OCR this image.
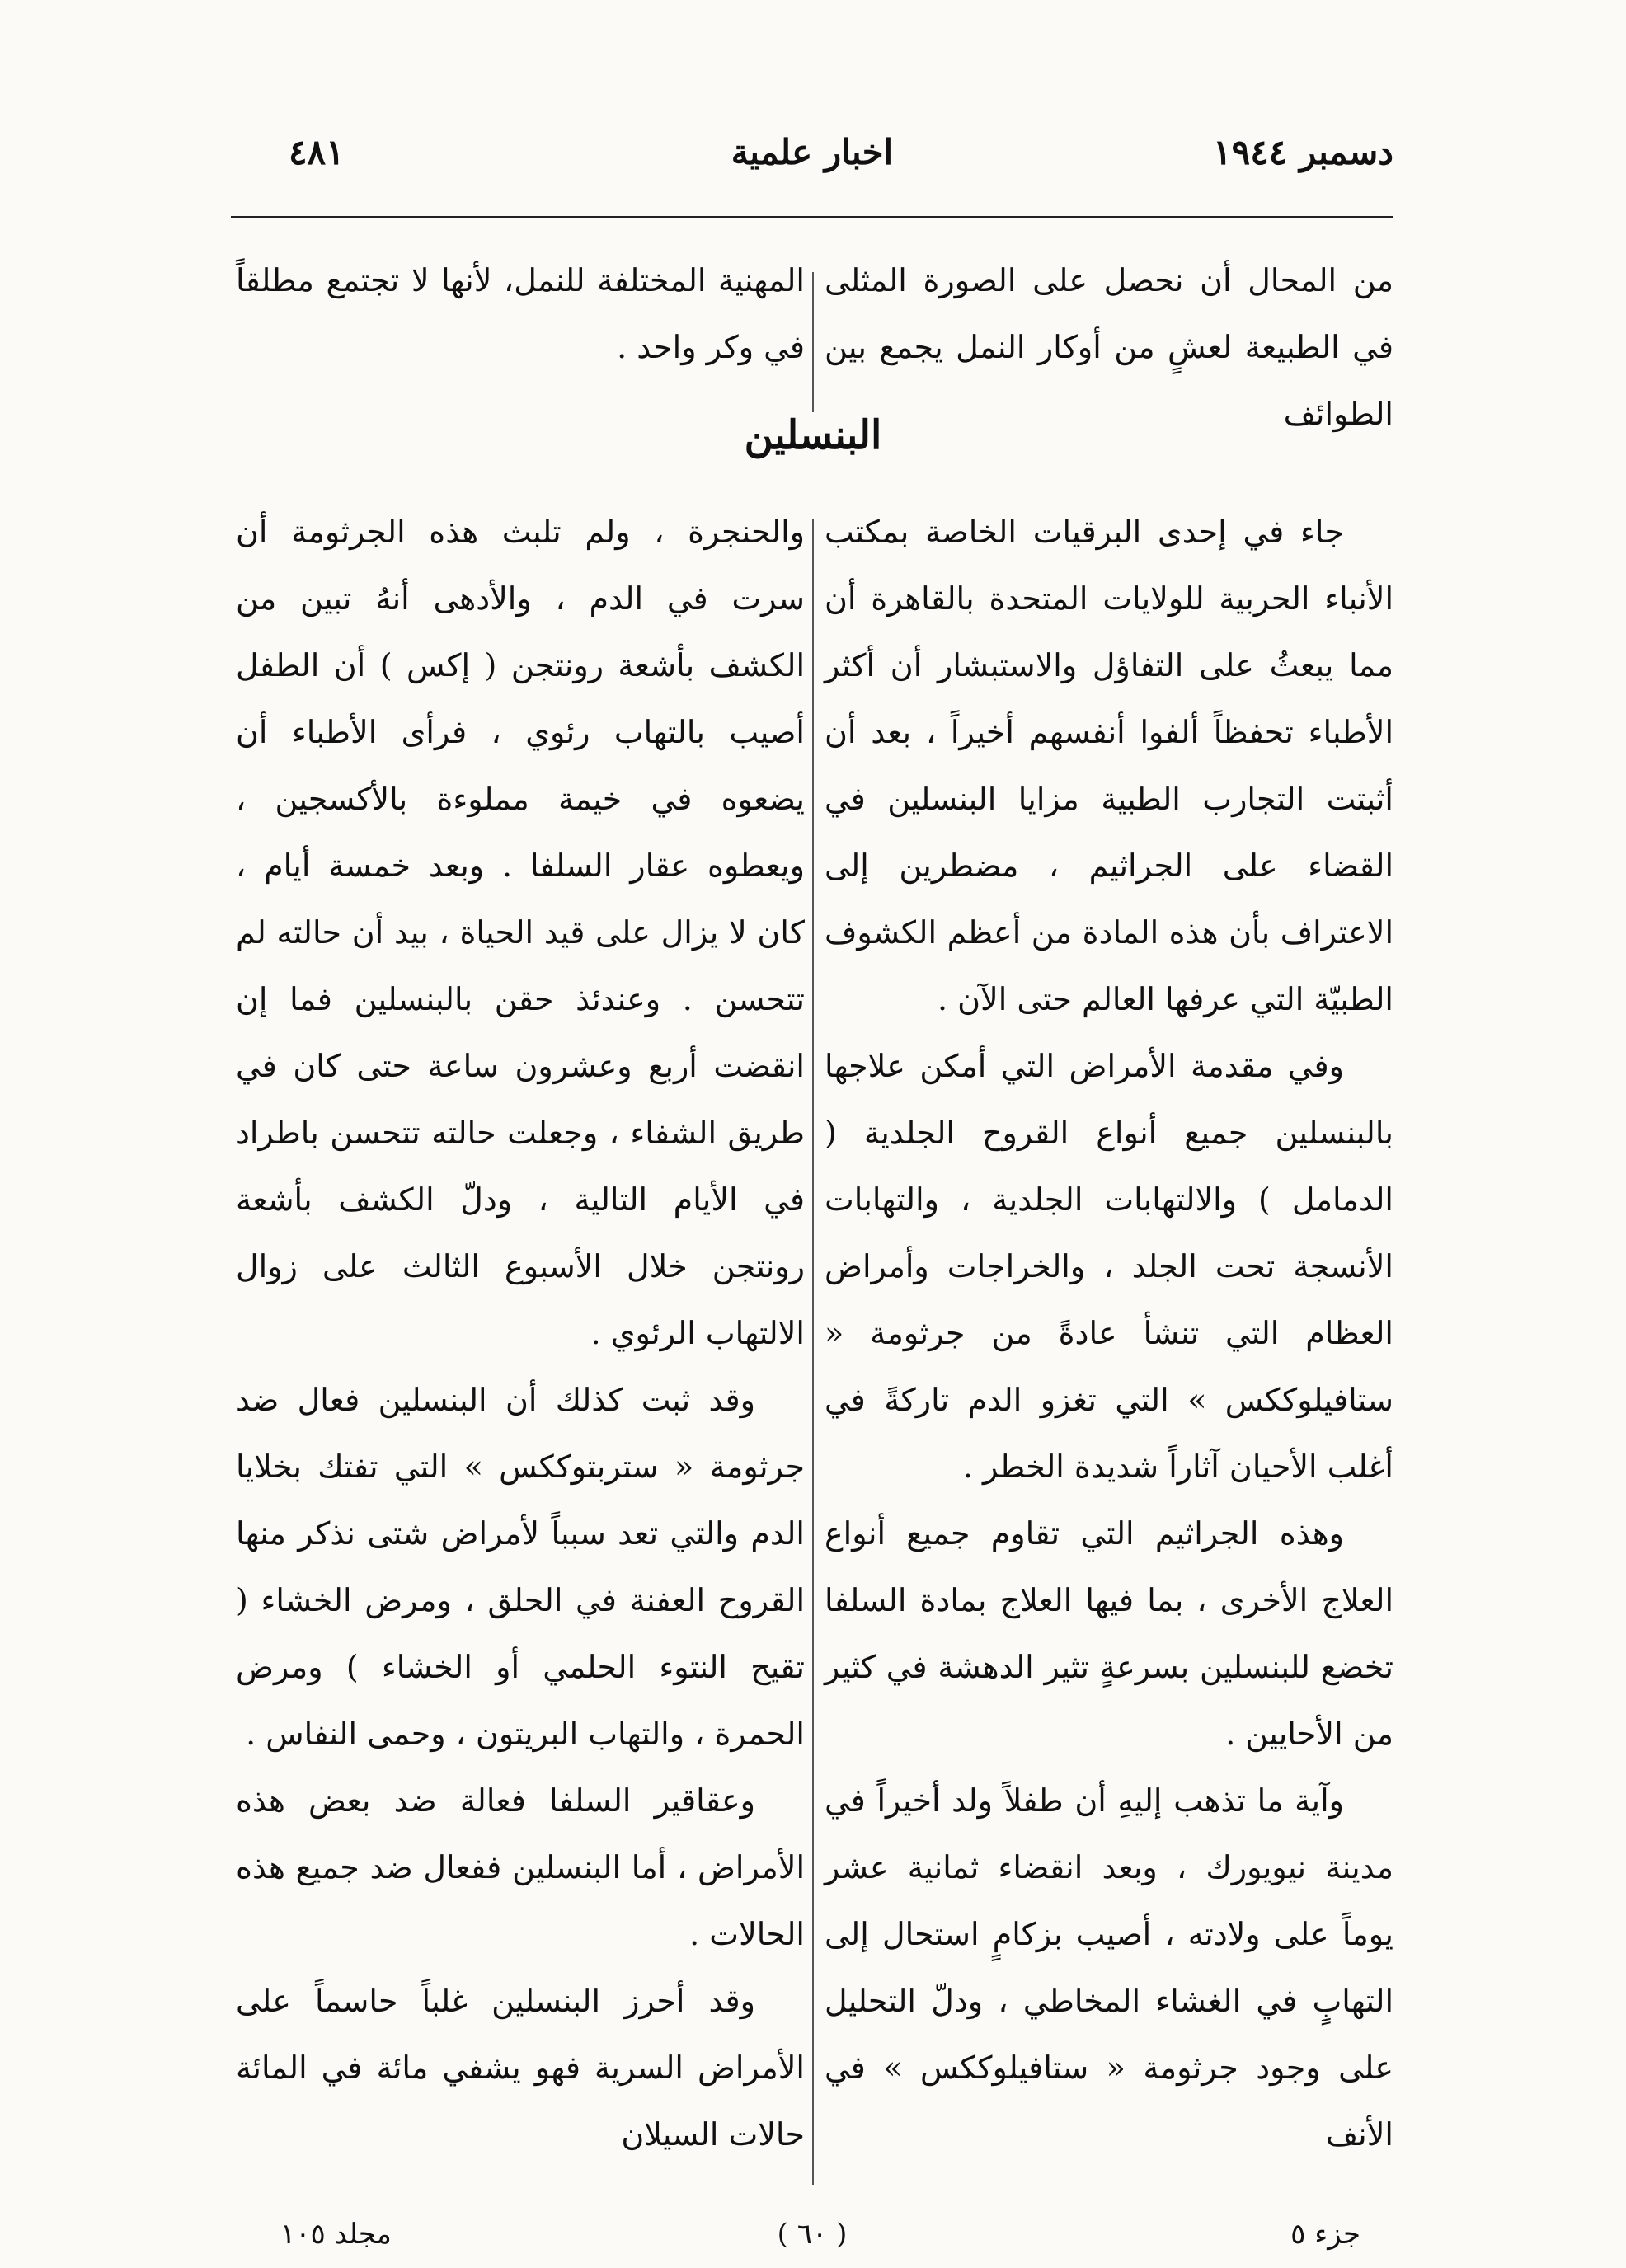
دسمبر ١٩٤٤
اخبار علمية
٤٨١

من المحال أن نحصل على الصورة المثلى في الطبيعة لعشٍ من أوكار النمل يجمع بين الطوائف

المهنية المختلفة للنمل، لأنها لا تجتمع مطلقاً في وكر واحد .

البنسلين

جاء في إحدى البرقيات الخاصة بمكتب الأنباء الحربية للولايات المتحدة بالقاهرة أن مما يبعثُ على التفاؤل والاستبشار أن أكثر الأطباء تحفظاً ألفوا أنفسهم أخيراً ، بعد أن أثبتت التجارب الطبية مزايا البنسلين في القضاء على الجراثيم ، مضطرين إلى الاعتراف بأن هذه المادة من أعظم الكشوف الطبيّة التي عرفها العالم حتى الآن .

وفي مقدمة الأمراض التي أمكن علاجها بالبنسلين جميع أنواع القروح الجلدية ( الدمامل ) والالتهابات الجلدية ، والتهابات الأنسجة تحت الجلد ، والخراجات وأمراض العظام التي تنشأ عادةً من جرثومة « ستافيلوككس » التي تغزو الدم تاركةً في أغلب الأحيان آثاراً شديدة الخطر .

وهذه الجراثيم التي تقاوم جميع أنواع العلاج الأخرى ، بما فيها العلاج بمادة السلفا تخضع للبنسلين بسرعةٍ تثير الدهشة في كثير من الأحايين .

وآية ما تذهب إليهِ أن طفلاً ولد أخيراً في مدينة نيويورك ، وبعد انقضاء ثمانية عشر يوماً على ولادته ، أصيب بزكامٍ استحال إلى التهابٍ في الغشاء المخاطي ، ودلّ التحليل على وجود جرثومة « ستافيلوككس » في الأنف

والحنجرة ، ولم تلبث هذه الجرثومة أن سرت في الدم ، والأدهى أنهُ تبين من الكشف بأشعة رونتجن ( إكس ) أن الطفل أصيب بالتهاب رئوي ، فرأى الأطباء أن يضعوه في خيمة مملوءة بالأكسجين ، ويعطوه عقار السلفا . وبعد خمسة أيام ، كان لا يزال على قيد الحياة ، بيد أن حالته لم تتحسن . وعندئذ حقن بالبنسلين فما إن انقضت أربع وعشرون ساعة حتى كان في طريق الشفاء ، وجعلت حالته تتحسن باطراد في الأيام التالية ، ودلّ الكشف بأشعة رونتجن خلال الأسبوع الثالث على زوال الالتهاب الرئوي .

وقد ثبت كذلك أن البنسلين فعال ضد جرثومة « ستربتوككس » التي تفتك بخلايا الدم والتي تعد سبباً لأمراض شتى نذكر منها القروح العفنة في الحلق ، ومرض الخشاء ( تقيح النتوء الحلمي أو الخشاء ) ومرض الحمرة ، والتهاب البريتون ، وحمى النفاس .

وعقاقير السلفا فعالة ضد بعض هذه الأمراض ، أما البنسلين ففعال ضد جميع هذه الحالات .

وقد أحرز البنسلين غلباً حاسماً على الأمراض السرية فهو يشفي مائة في المائة حالات السيلان

جزء ٥
( ٦٠ )
مجلد ١٠٥
